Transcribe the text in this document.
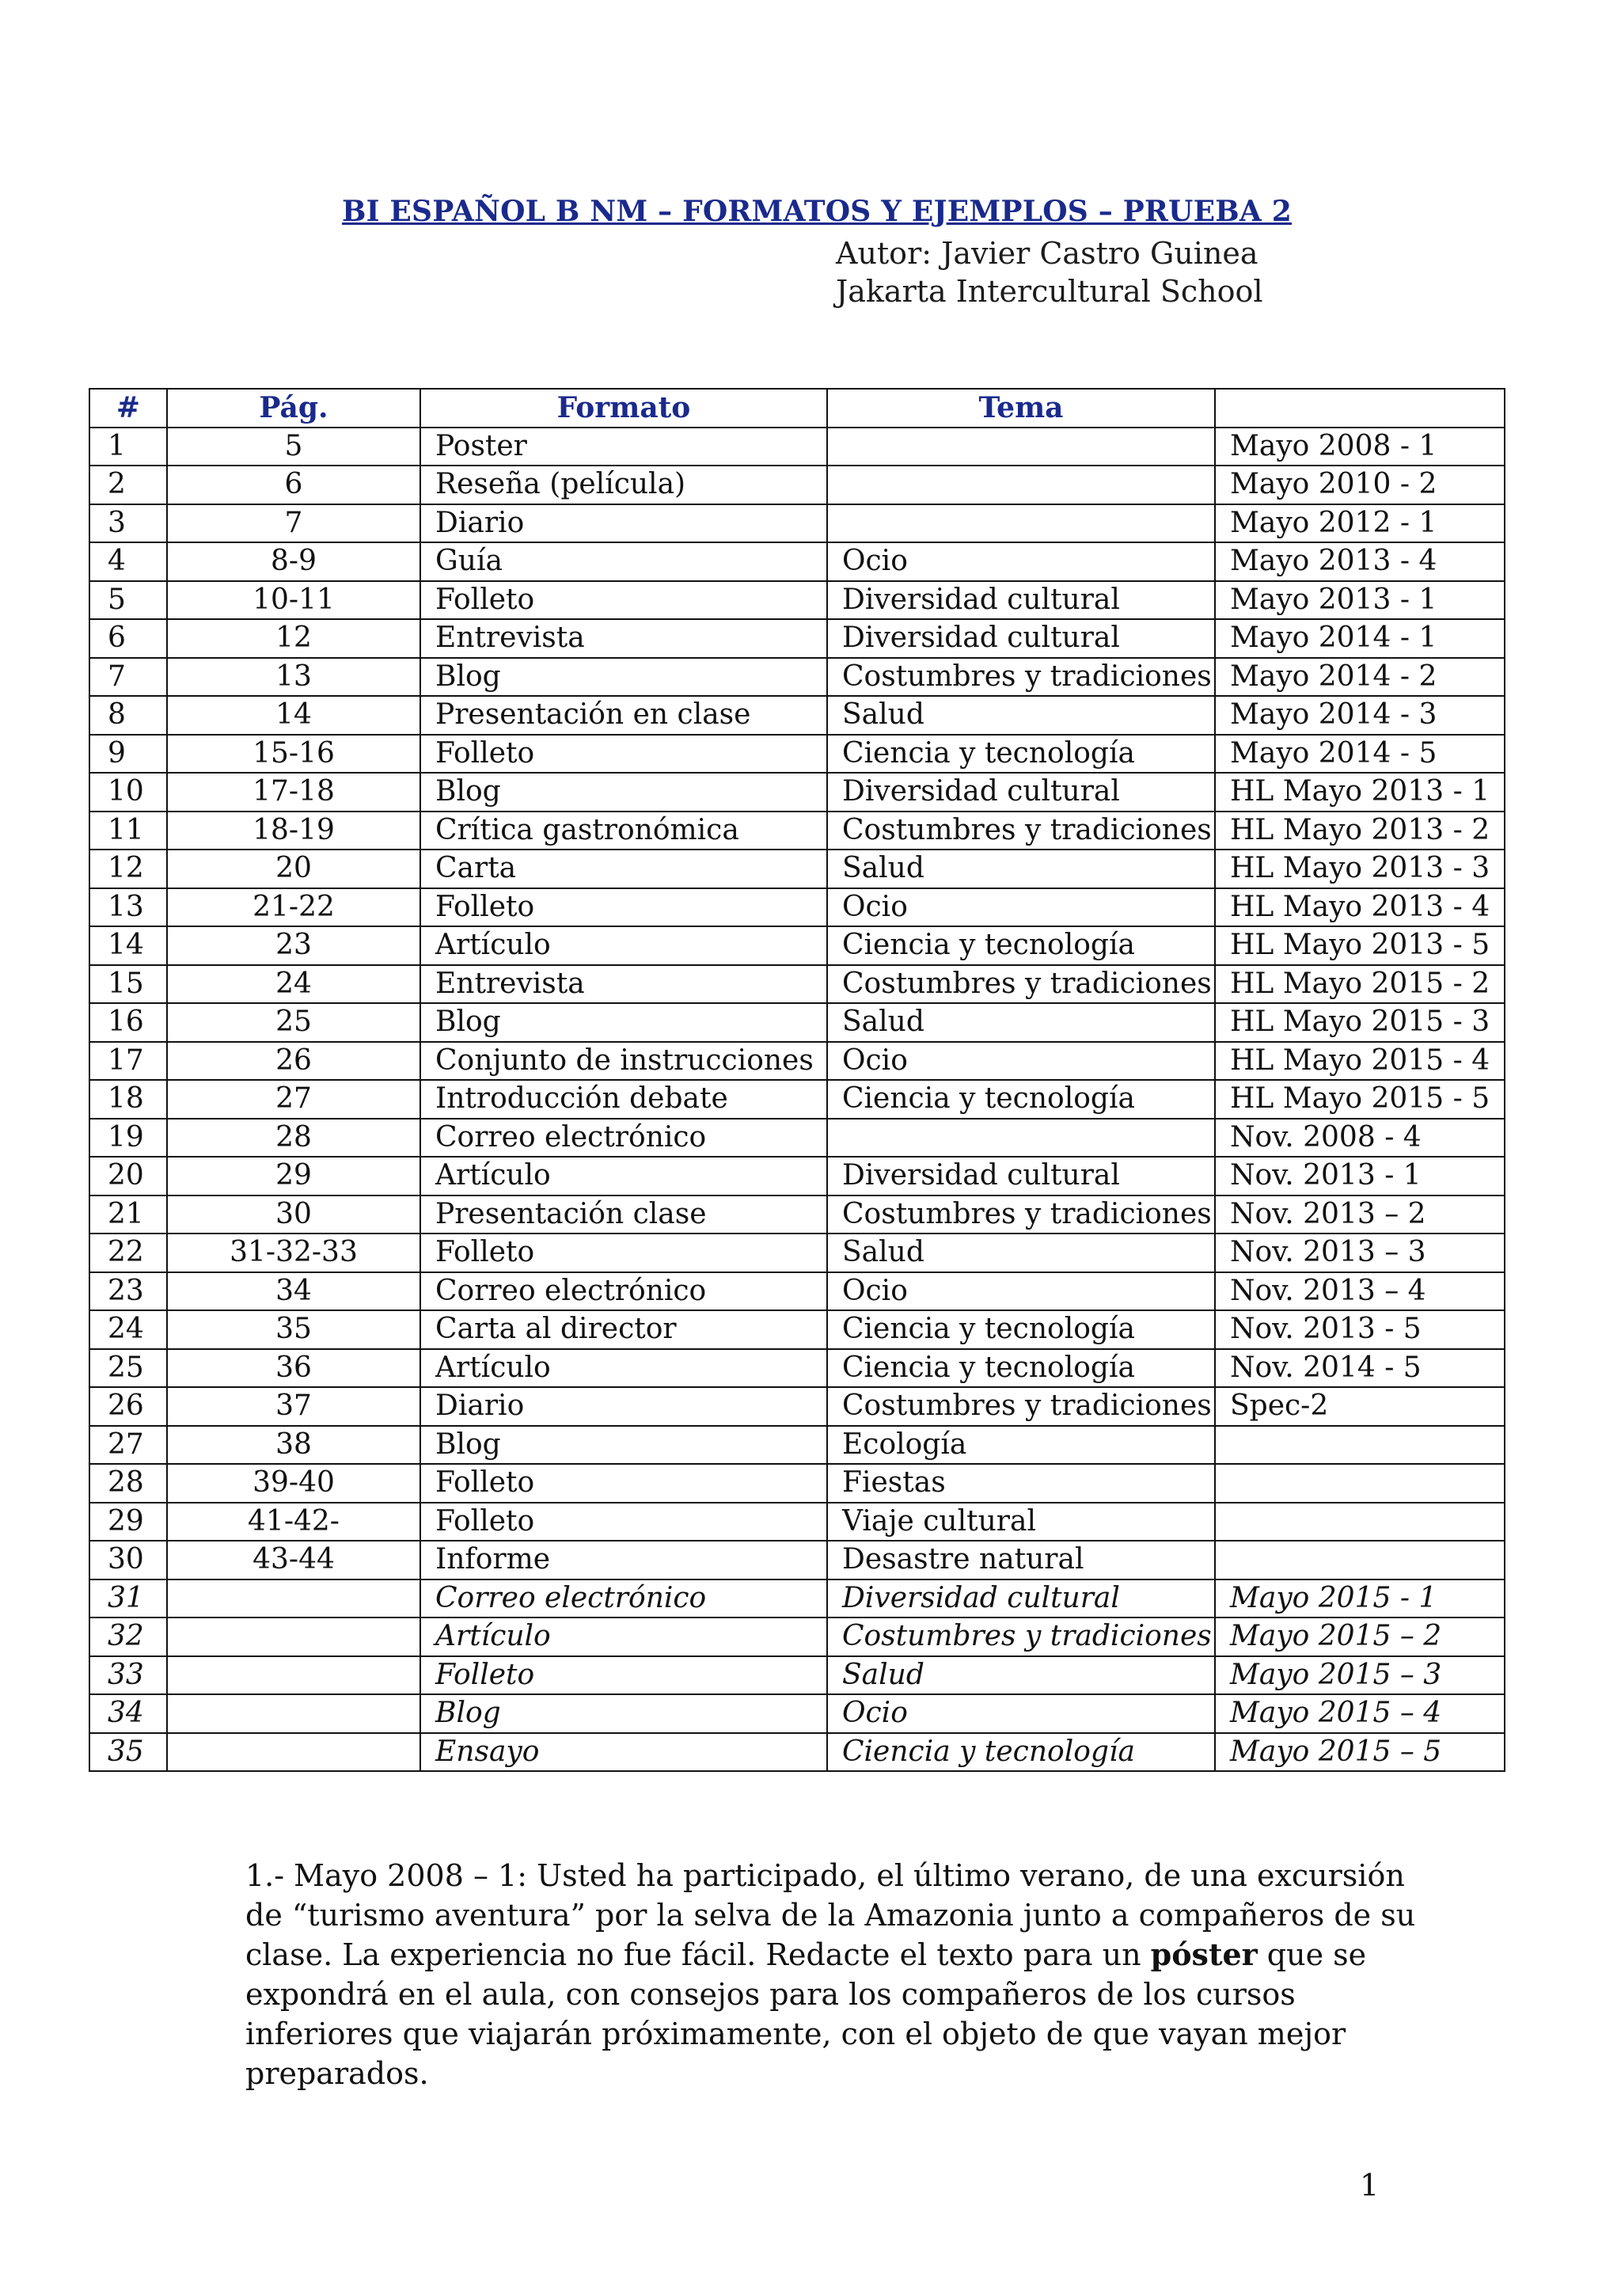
BI ESPAÑOL B NM – FORMATOS Y EJEMPLOS – PRUEBA 2
Autor: Javier Castro Guinea
Jakarta Intercultural School
#	Pág.	Formato	Tema	
1	5	Poster		Mayo 2008 - 1
2	6	Reseña (película)		Mayo 2010 - 2
3	7	Diario		Mayo 2012 - 1
4	8-9	Guía	Ocio	Mayo 2013 - 4
5	10-11	Folleto	Diversidad cultural	Mayo 2013 - 1
6	12	Entrevista	Diversidad cultural	Mayo 2014 - 1
7	13	Blog	Costumbres y tradiciones	Mayo 2014 - 2
8	14	Presentación en clase	Salud	Mayo 2014 - 3
9	15-16	Folleto	Ciencia y tecnología	Mayo 2014 - 5
10	17-18	Blog	Diversidad cultural	HL Mayo 2013 - 1
11	18-19	Crítica gastronómica	Costumbres y tradiciones	HL Mayo 2013 - 2
12	20	Carta	Salud	HL Mayo 2013 - 3
13	21-22	Folleto	Ocio	HL Mayo 2013 - 4
14	23	Artículo	Ciencia y tecnología	HL Mayo 2013 - 5
15	24	Entrevista	Costumbres y tradiciones	HL Mayo 2015 - 2
16	25	Blog	Salud	HL Mayo 2015 - 3
17	26	Conjunto de instrucciones	Ocio	HL Mayo 2015 - 4
18	27	Introducción debate	Ciencia y tecnología	HL Mayo 2015 - 5
19	28	Correo electrónico		Nov. 2008 - 4
20	29	Artículo	Diversidad cultural	Nov. 2013 - 1
21	30	Presentación clase	Costumbres y tradiciones	Nov. 2013 – 2
22	31-32-33	Folleto	Salud	Nov. 2013 – 3
23	34	Correo electrónico	Ocio	Nov. 2013 – 4
24	35	Carta al director	Ciencia y tecnología	Nov. 2013 - 5
25	36	Artículo	Ciencia y tecnología	Nov. 2014 - 5
26	37	Diario	Costumbres y tradiciones	Spec-2
27	38	Blog	Ecología	
28	39-40	Folleto	Fiestas	
29	41-42-	Folleto	Viaje cultural	
30	43-44	Informe	Desastre natural	
31		Correo electrónico	Diversidad cultural	Mayo 2015 - 1
32		Artículo	Costumbres y tradiciones	Mayo 2015 – 2
33		Folleto	Salud	Mayo 2015 – 3
34		Blog	Ocio	Mayo 2015 – 4
35		Ensayo	Ciencia y tecnología	Mayo 2015 – 5
1.- Mayo 2008 – 1: Usted ha participado, el último verano, de una excursión de “turismo aventura” por la selva de la Amazonia junto a compañeros de su clase. La experiencia no fue fácil. Redacte el texto para un póster que se expondrá en el aula, con consejos para los compañeros de los cursos inferiores que viajarán próximamente, con el objeto de que vayan mejor preparados.
1
